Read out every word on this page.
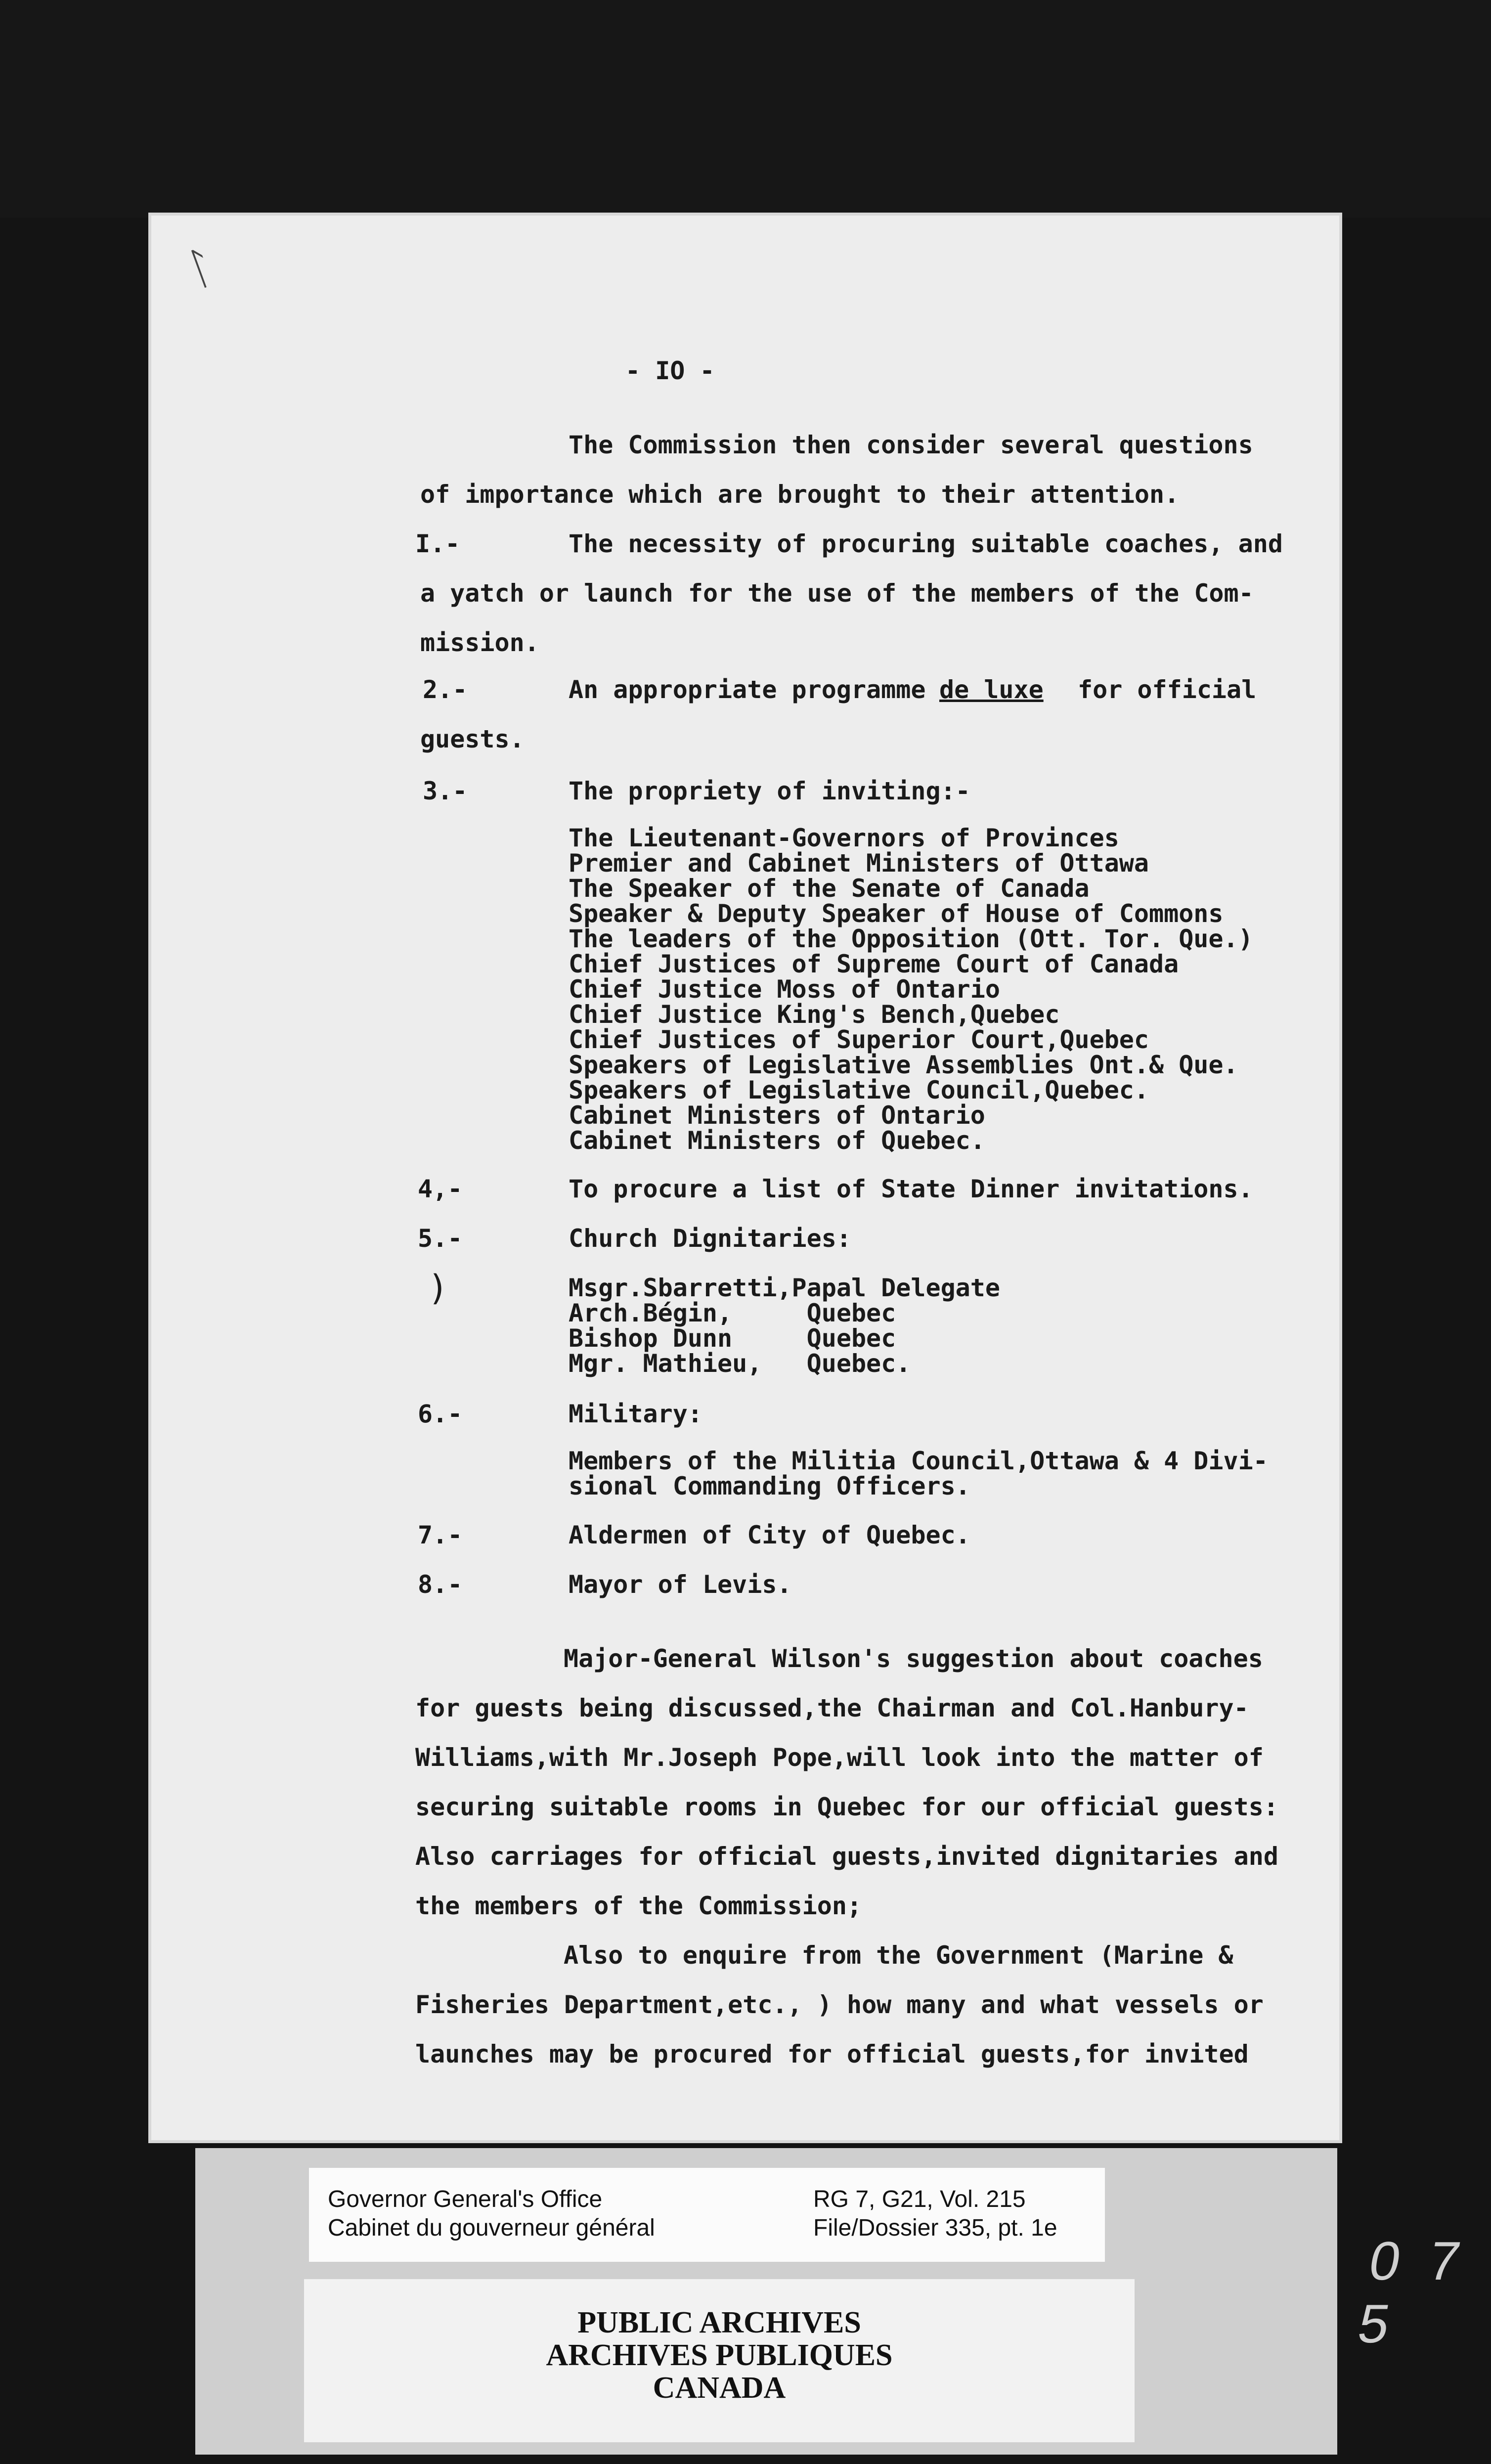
ᛚ
- IO -
The Commission then consider several questions
of importance which are brought to their attention.
I.-	The necessity of procuring suitable coaches, and
a yatch or launch for the use of the members of the Com-
mission.
2.-	An appropriate programme de luxe for official
guests.
3.-	The propriety of inviting:-
The Lieutenant-Governors of Provinces
Premier and Cabinet Ministers of Ottawa
The Speaker of the Senate of Canada
Speaker & Deputy Speaker of House of Commons
The leaders of the Opposition (Ott. Tor. Que.)
Chief Justices of Supreme Court of Canada
Chief Justice Moss of Ontario
Chief Justice King's Bench,Quebec
Chief Justices of Superior Court,Quebec
Speakers of Legislative Assemblies Ont.& Que.
Speakers of Legislative Council,Quebec.
Cabinet Ministers of Ontario
Cabinet Ministers of Quebec.
4,-	To procure a list of State Dinner invitations.
5.-	Church Dignitaries:
)	Msgr.Sbarretti,Papal Delegate
Arch.Bégin,     Quebec
Bishop Dunn     Quebec
Mgr. Mathieu,   Quebec.
6.-	Military:
Members of the Militia Council,Ottawa & 4 Divi-
sional Commanding Officers.
7.-	Aldermen of City of Quebec.
8.-	Mayor of Levis.
Major-General Wilson's suggestion about coaches
for guests being discussed,the Chairman and Col.Hanbury-
Williams,with Mr.Joseph Pope,will look into the matter of
securing suitable rooms in Quebec for our official guests:
Also carriages for official guests,invited dignitaries and
the members of the Commission;
Also to enquire from the Government (Marine &
Fisheries Department,etc., ) how many and what vessels or
launches may be procured for official guests,for invited
Governor General's Office
Cabinet du gouverneur général
RG 7, G21, Vol. 215
File/Dossier 335, pt. 1e
PUBLIC ARCHIVES
ARCHIVES PUBLIQUES
CANADA
0 7 5
